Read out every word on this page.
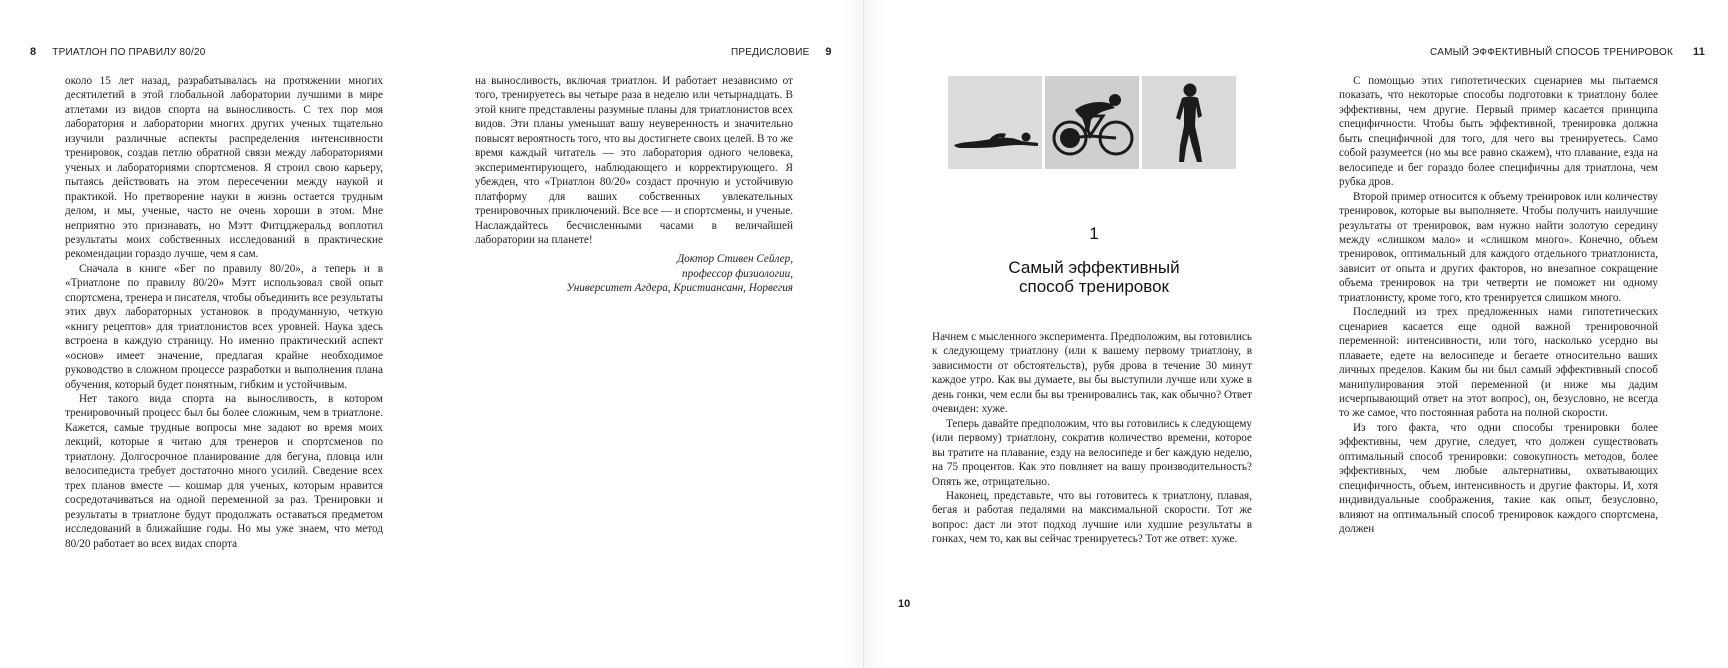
8 ТРИАТЛОН ПО ПРАВИЛУ 80/20

около 15 лет назад, разрабатывалась на протяжении многих десятилетий в этой глобальной лаборатории лучшими в мире атлетами из видов спорта на выносливость. С тех пор моя лаборатория и лаборатории многих других ученых тщательно изучили различные аспекты распределения интенсивности тренировок, создав петлю обратной связи между лабораториями ученых и лабораториями спортсменов. Я строил свою карьеру, пытаясь действовать на этом пересечении между наукой и практикой. Но претворение науки в жизнь остается трудным делом, и мы, ученые, часто не очень хороши в этом. Мне неприятно это признавать, но Мэтт Фитцджеральд воплотил результаты моих собственных исследований в практические рекомендации гораздо лучше, чем я сам.

Сначала в книге «Бег по правилу 80/20», а теперь и в «Триатлоне по правилу 80/20» Мэтт использовал свой опыт спортсмена, тренера и писателя, чтобы объединить все результаты этих двух лабораторных установок в продуманную, четкую «книгу рецептов» для триатлонистов всех уровней. Наука здесь встроена в каждую страницу. Но именно практический аспект «основ» имеет значение, предлагая крайне необходимое руководство в сложном процессе разработки и выполнения плана обучения, который будет понятным, гибким и устойчивым.

Нет такого вида спорта на выносливость, в котором тренировочный процесс был бы более сложным, чем в триатлоне. Кажется, самые трудные вопросы мне задают во время моих лекций, которые я читаю для тренеров и спортсменов по триатлону. Долгосрочное планирование для бегуна, пловца или велосипедиста требует достаточно много усилий. Сведение всех трех планов вместе — кошмар для ученых, которым нравится сосредотачиваться на одной переменной за раз. Тренировки и результаты в триатлоне будут продолжать оставаться предметом исследований в ближайшие годы. Но мы уже знаем, что метод 80/20 работает во всех видах спорта

ПРЕДИСЛОВИЕ 9

на выносливость, включая триатлон. И работает независимо от того, тренируетесь вы четыре раза в неделю или четырнадцать. В этой книге представлены разумные планы для триатлонистов всех видов. Эти планы уменьшат вашу неуверенность и значительно повысят вероятность того, что вы достигнете своих целей. В то же время каждый читатель — это лаборатория одного человека, экспериментирующего, наблюдающего и корректирующего. Я убежден, что «Триатлон 80/20» создаст прочную и устойчивую платформу для ваших собственных увлекательных тренировочных приключений. Все все — и спортсмены, и ученые. Наслаждайтесь бесчисленными часами в величайшей лаборатории на планете!

Доктор Стивен Сейлер,
профессор физиологии,
Университет Агдера, Кристиансанн, Норвегия
1
Самый эффективный
способ тренировок

Начнем с мысленного эксперимента. Предположим, вы готовились к следующему триатлону (или к вашему первому триатлону, в зависимости от обстоятельств), рубя дрова в течение 30 минут каждое утро. Как вы думаете, вы бы выступили лучше или хуже в день гонки, чем если бы вы тренировались так, как обычно? Ответ очевиден: хуже.

Теперь давайте предположим, что вы готовились к следующему (или первому) триатлону, сократив количество времени, которое вы тратите на плавание, езду на велосипеде и бег каждую неделю, на 75 процентов. Как это повлияет на вашу производительность? Опять же, отрицательно.

Наконец, представьте, что вы готовитесь к триатлону, плавая, бегая и работая педалями на максимальной скорости. Тот же вопрос: даст ли этот подход лучшие или худшие результаты в гонках, чем то, как вы сейчас тренируетесь? Тот же ответ: хуже.

10
САМЫЙ ЭФФЕКТИВНЫЙ СПОСОБ ТРЕНИРОВОК 11

С помощью этих гипотетических сценариев мы пытаемся показать, что некоторые способы подготовки к триатлону более эффективны, чем другие. Первый пример касается принципа специфичности. Чтобы быть эффективной, тренировка должна быть специфичной для того, для чего вы тренируетесь. Само собой разумеется (но мы все равно скажем), что плавание, езда на велосипеде и бег гораздо более специфичны для триатлона, чем рубка дров.

Второй пример относится к объему тренировок или количеству тренировок, которые вы выполняете. Чтобы получить наилучшие результаты от тренировок, вам нужно найти золотую середину между «слишком мало» и «слишком много». Конечно, объем тренировок, оптимальный для каждого отдельного триатлониста, зависит от опыта и других факторов, но внезапное сокращение объема тренировок на три четверти не поможет ни одному триатлонисту, кроме того, кто тренируется слишком много.

Последний из трех предложенных нами гипотетических сценариев касается еще одной важной тренировочной переменной: интенсивности, или того, насколько усердно вы плаваете, едете на велосипеде и бегаете относительно ваших личных пределов. Каким бы ни был самый эффективный способ манипулирования этой переменной (и ниже мы дадим исчерпывающий ответ на этот вопрос), он, безусловно, не всегда то же самое, что постоянная работа на полной скорости.

Из того факта, что одни способы тренировки более эффективны, чем другие, следует, что должен существовать оптимальный способ тренировки: совокупность методов, более эффективных, чем любые альтернативы, охватывающих специфичность, объем, интенсивность и другие факторы. И, хотя индивидуальные соображения, такие как опыт, безусловно, влияют на оптимальный способ тренировок каждого спортсмена, должен
